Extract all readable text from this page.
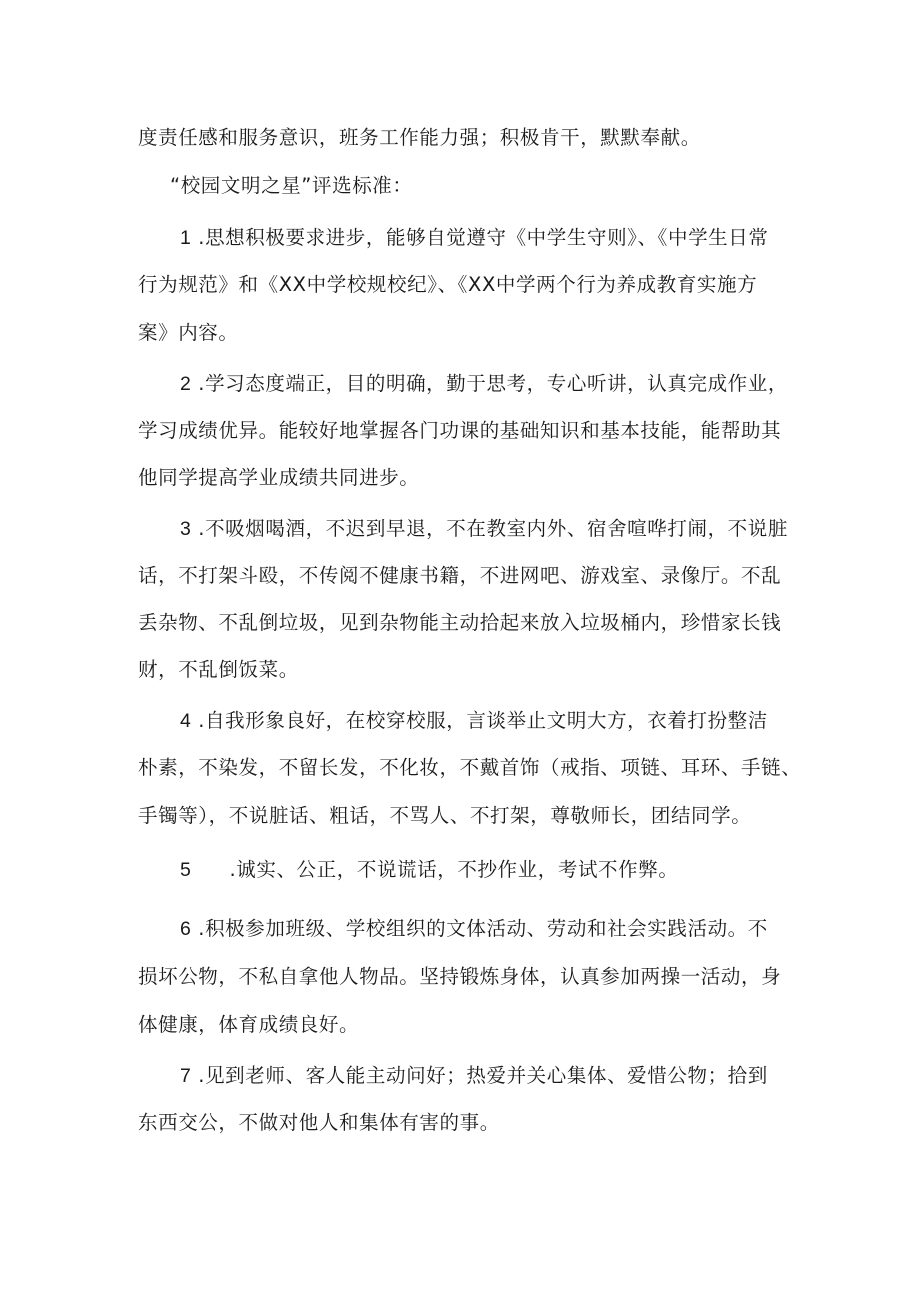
度责任感和服务意识，班务工作能力强；积极肯干，默默奉献。
“校园文明之星”评选标准：
1 .思想积极要求进步，能够自觉遵守《中学生守则》、《中学生日常
行为规范》和《XX中学校规校纪》、《XX中学两个行为养成教育实施方
案》内容。
2 .学习态度端正，目的明确，勤于思考，专心听讲，认真完成作业，
学习成绩优异。能较好地掌握各门功课的基础知识和基本技能，能帮助其
他同学提高学业成绩共同进步。
3 .不吸烟喝酒，不迟到早退，不在教室内外、宿舍喧哗打闹，不说脏
话，不打架斗殴，不传阅不健康书籍，不进网吧、游戏室、录像厅。不乱
丢杂物、不乱倒垃圾，见到杂物能主动拾起来放入垃圾桶内，珍惜家长钱
财，不乱倒饭菜。
4 .自我形象良好，在校穿校服，言谈举止文明大方，衣着打扮整洁
朴素，不染发，不留长发，不化妆，不戴首饰（戒指、项链、耳环、手链、
手镯等），不说脏话、粗话，不骂人、不打架，尊敬师长，团结同学。
5 .诚实、公正，不说谎话，不抄作业，考试不作弊。
6 .积极参加班级、学校组织的文体活动、劳动和社会实践活动。不
损坏公物，不私自拿他人物品。坚持锻炼身体，认真参加两操一活动，身
体健康，体育成绩良好。
7 .见到老师、客人能主动问好；热爱并关心集体、爱惜公物；拾到
东西交公，不做对他人和集体有害的事。
